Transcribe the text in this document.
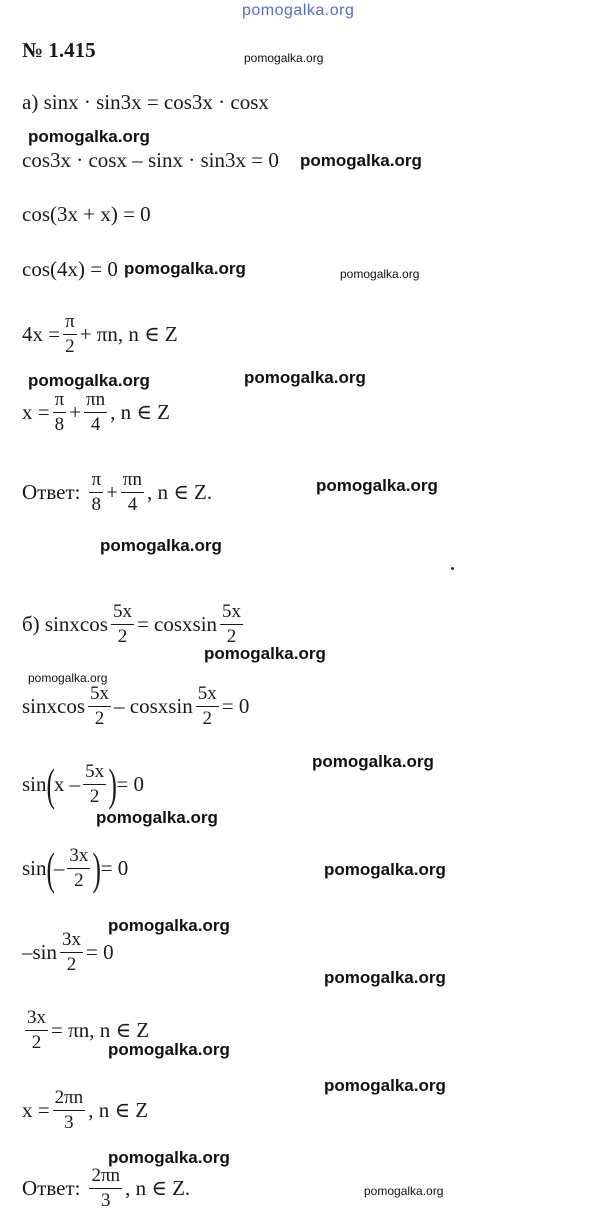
pomogalka.org
№ 1.415
а) sinx · sin3x = cos3x · cosx
cos3x · cosx – sinx · sin3x = 0
cos(3x + x) = 0
cos(4x) = 0
$4x = \frac{\pi}{2} + \pi n$, n ∈ Z
$x = \frac{\pi}{8} + \frac{\pi n}{4}$ , n ∈ Z
Ответ: $\frac{\pi}{8} + \frac{\pi n}{4}$ , n ∈ Z.
б) sinxcos $\frac{5x}{2}$ = cosxsin $\frac{5x}{2}$
sinxcos $\frac{5x}{2}$ – cosxsin $\frac{5x}{2} = 0$
sin ( x – $\frac{5x}{2}$ ) = 0
sin ( – $\frac{3x}{2}$ ) = 0
$-\sin \frac{3x}{2} = 0$
$\frac{3x}{2} = \pi n$, n ∈ Z
$x = \frac{2\pi n}{3}$ , n ∈ Z
Ответ: $\frac{2\pi n}{3}$ , n ∈ Z.
pomogalka.org
pomogalka.org
pomogalka.org
pomogalka.org	pomogalka.org
pomogalka.org	pomogalka.org
pomogalka.org
pomogalka.org
pomogalka.org
pomogalka.org
pomogalka.org
pomogalka.org
pomogalka.org
pomogalka.org
pomogalka.org
pomogalka.org
pomogalka.org
pomogalka.org
pomogalka.org
